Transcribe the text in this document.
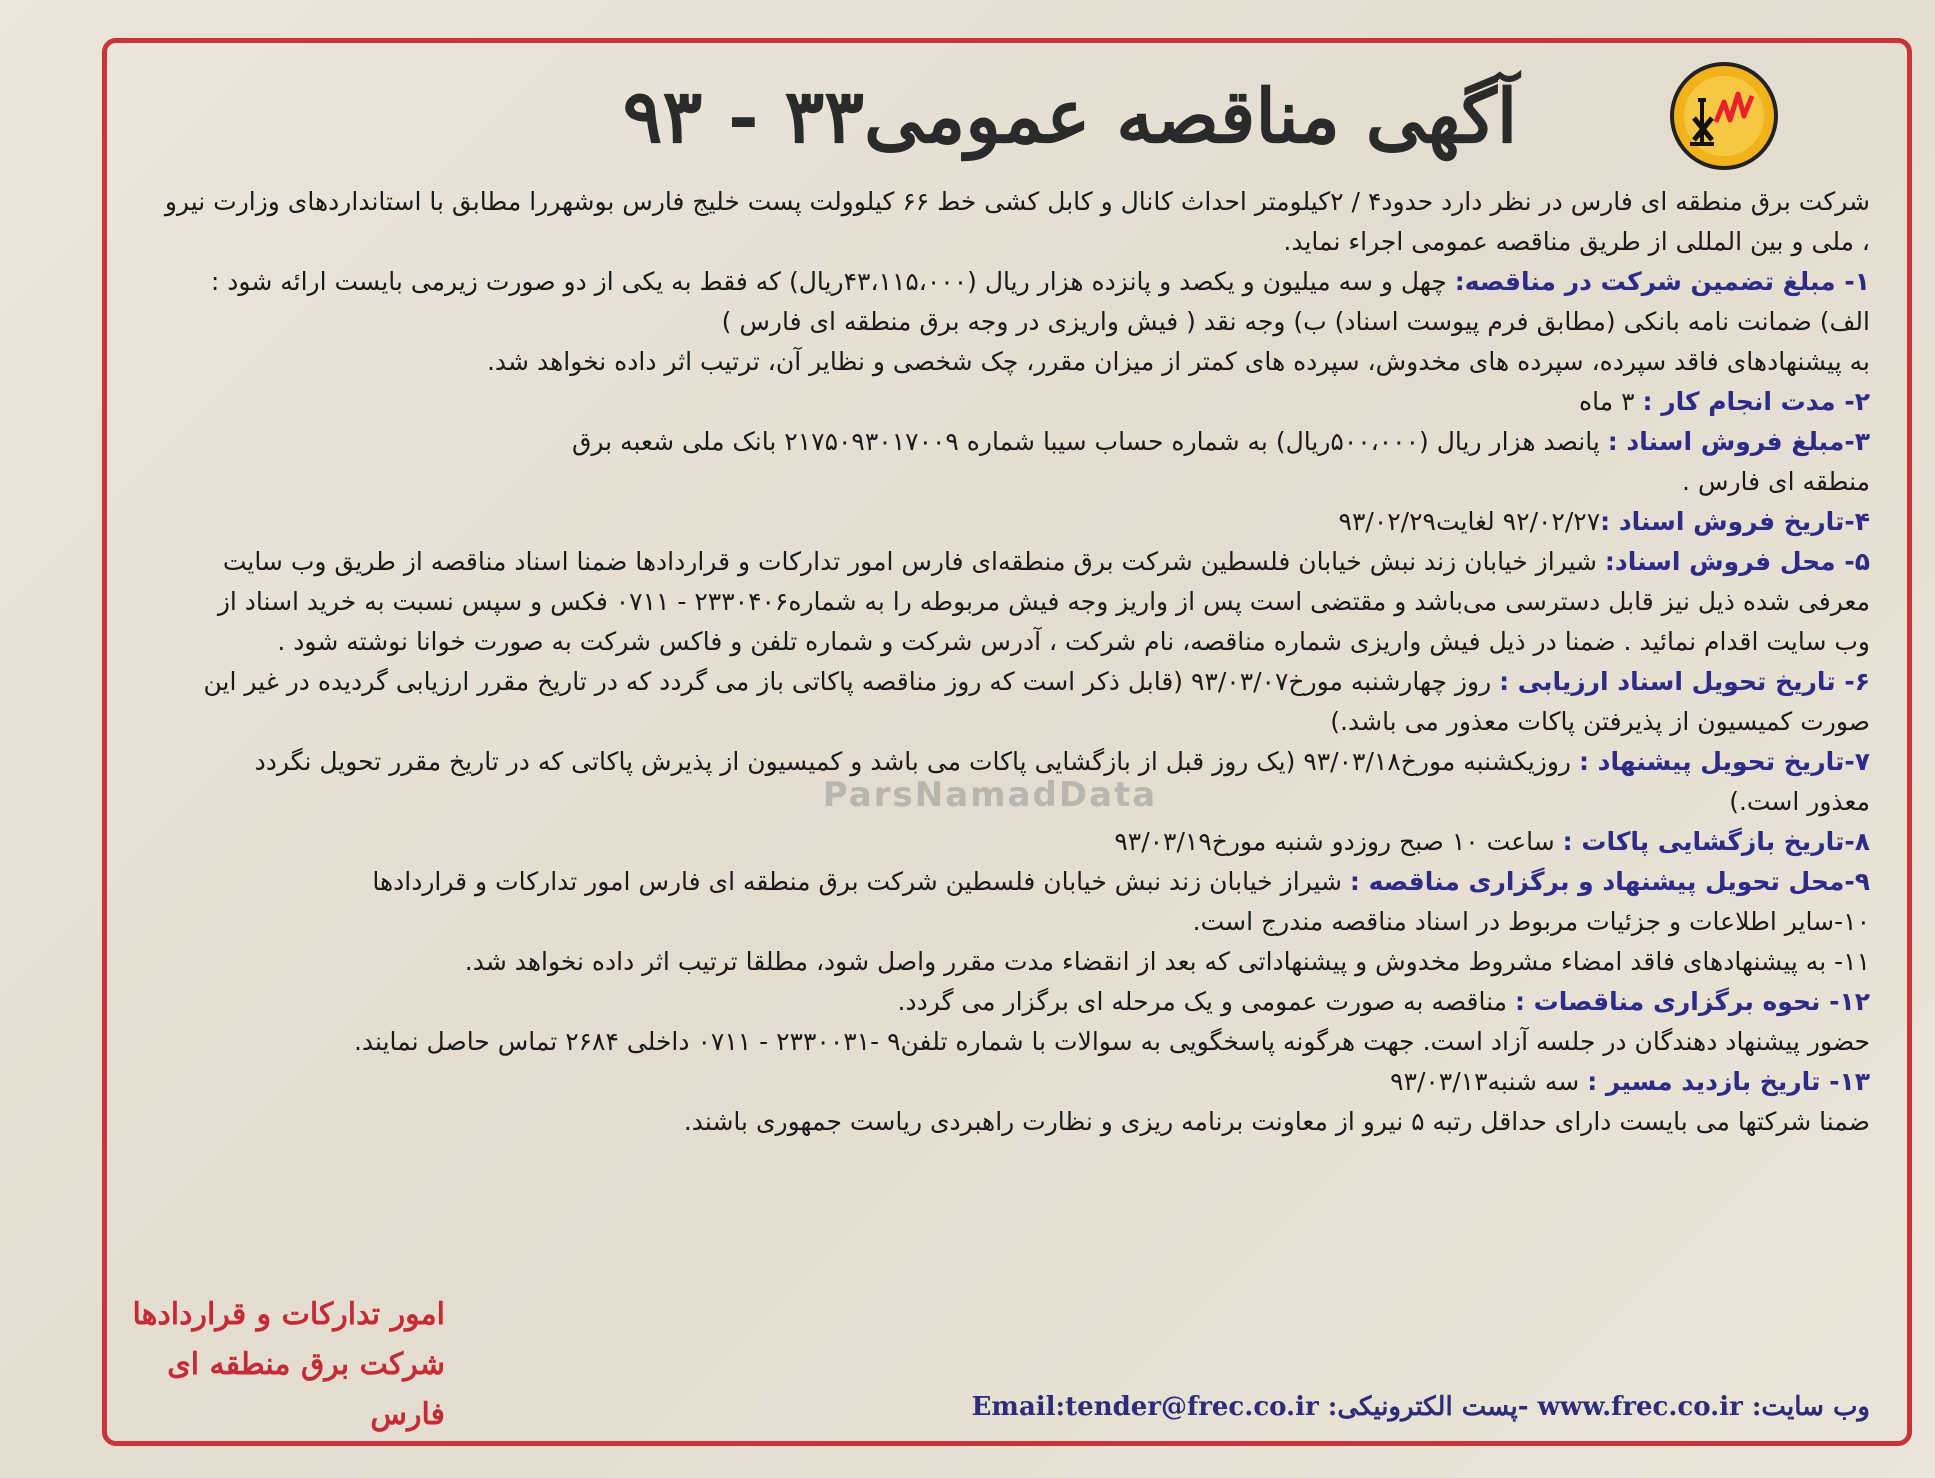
آگهی مناقصه عمومی۳۳ - ۹۳
شرکت برق منطقه ای فارس در نظر دارد حدود۴ / ۲کیلومتر احداث کانال و کابل کشی خط ۶۶ کیلوولت پست خلیج فارس بوشهررا مطابق با استانداردهای وزارت نیرو
، ملی و بین المللی از طریق مناقصه عمومی اجراء نماید.
۱- مبلغ تضمین شرکت در مناقصه: چهل و سه میلیون و یکصد و پانزده هزار ریال (۴۳،۱۱۵،۰۰۰ریال) که فقط به یکی از دو صورت زیرمی بایست ارائه شود :
الف) ضمانت نامه بانکی (مطابق فرم پیوست اسناد) ب) وجه نقد ( فیش واریزی در وجه برق منطقه ای فارس )
به پیشنهادهای فاقد سپرده، سپرده های مخدوش، سپرده های کمتر از میزان مقرر، چک شخصی و نظایر آن، ترتیب اثر داده نخواهد شد.
۲- مدت انجام کار : ۳ ماه
۳-مبلغ فروش اسناد : پانصد هزار ریال (۵۰۰،۰۰۰ریال) به شماره حساب سیبا شماره ۲۱۷۵۰۹۳۰۱۷۰۰۹ بانک ملی شعبه برق
منطقه ای فارس .
۴-تاریخ فروش اسناد :۹۲/۰۲/۲۷ لغایت۹۳/۰۲/۲۹
۵- محل فروش اسناد: شیراز خیابان زند نبش خیابان فلسطین شرکت برق منطقه‌ای فارس امور تدارکات و قراردادها ضمنا اسناد مناقصه از طریق وب سایت
معرفی شده ذیل نیز قابل دسترسی می‌باشد و مقتضی است پس از واریز وجه فیش مربوطه را به شماره۲۳۳۰۴۰۶ - ۰۷۱۱ فکس و سپس نسبت به خرید اسناد از
وب سایت اقدام نمائید . ضمنا در ذیل فیش واریزی شماره مناقصه، نام شرکت ، آدرس شرکت و شماره تلفن و فاکس شرکت به صورت خوانا نوشته شود .
۶- تاریخ تحویل اسناد ارزیابی : روز چهارشنبه مورخ۹۳/۰۳/۰۷ (قابل ذکر است که روز مناقصه پاکاتی باز می گردد که در تاریخ مقرر ارزیابی گردیده در غیر این
صورت کمیسیون از پذیرفتن پاکات معذور می باشد.)
۷-تاریخ تحویل پیشنهاد : روزیکشنبه مورخ۹۳/۰۳/۱۸ (یک روز قبل از بازگشایی پاکات می باشد و کمیسیون از پذیرش پاکاتی که در تاریخ مقرر تحویل نگردد
معذور است.)
۸-تاریخ بازگشایی پاکات : ساعت ۱۰ صبح روزدو شنبه مورخ۹۳/۰۳/۱۹
۹-محل تحویل پیشنهاد و برگزاری مناقصه : شیراز خیابان زند نبش خیابان فلسطین شرکت برق منطقه ای فارس امور تدارکات و قراردادها
۱۰-سایر اطلاعات و جزئیات مربوط در اسناد مناقصه مندرج است.
۱۱- به پیشنهادهای فاقد امضاء مشروط مخدوش و پیشنهاداتی که بعد از انقضاء مدت مقرر واصل شود، مطلقا ترتیب اثر داده نخواهد شد.
۱۲- نحوه برگزاری مناقصات : مناقصه به صورت عمومی و یک مرحله ای برگزار می گردد.
حضور پیشنهاد دهندگان در جلسه آزاد است. جهت هرگونه پاسخگویی به سوالات با شماره تلفن۹ -۲۳۳۰۰۳۱ - ۰۷۱۱ داخلی ۲۶۸۴ تماس حاصل نمایند.
۱۳- تاریخ بازدید مسیر : سه شنبه۹۳/۰۳/۱۳
ضمنا شرکتها می بایست دارای حداقل رتبه ۵ نیرو از معاونت برنامه ریزی و نظارت راهبردی ریاست جمهوری باشند.
ParsNamadData
امور تدارکات و قراردادها
شرکت برق منطقه ای فارس	وب سایت: www.frec.co.ir -پست الکترونیکی: Email:tender@frec.co.ir
